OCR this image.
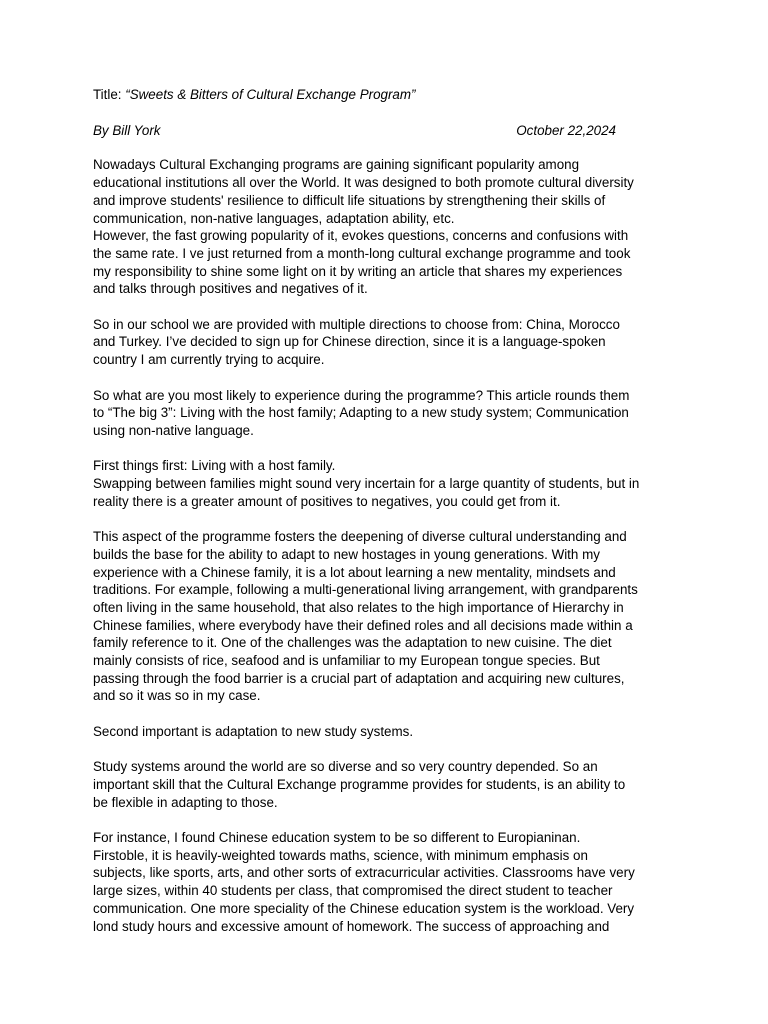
Title: “Sweets & Bitters of Cultural Exchange Program”

By Bill York	October 22,2024

Nowadays Cultural Exchanging programs are gaining significant popularity among
educational institutions all over the World. It was designed to both promote cultural diversity
and improve students' resilience to difficult life situations by strengthening their skills of
communication, non-native languages, adaptation ability, etc.
However, the fast growing popularity of it, evokes questions, concerns and confusions with
the same rate. I ve just returned from a month-long cultural exchange programme and took
my responsibility to shine some light on it by writing an article that shares my experiences
and talks through positives and negatives of it.

So in our school we are provided with multiple directions to choose from: China, Morocco
and Turkey. I’ve decided to sign up for Chinese direction, since it is a language-spoken
country I am currently trying to acquire.

So what are you most likely to experience during the programme? This article rounds them
to “The big 3”: Living with the host family; Adapting to a new study system; Communication
using non-native language.

First things first: Living with a host family.
Swapping between families might sound very incertain for a large quantity of students, but in
reality there is a greater amount of positives to negatives, you could get from it.

This aspect of the programme fosters the deepening of diverse cultural understanding and
builds the base for the ability to adapt to new hostages in young generations. With my
experience with a Chinese family, it is a lot about learning a new mentality, mindsets and
traditions. For example, following a multi-generational living arrangement, with grandparents
often living in the same household, that also relates to the high importance of Hierarchy in
Chinese families, where everybody have their defined roles and all decisions made within a
family reference to it. One of the challenges was the adaptation to new cuisine. The diet
mainly consists of rice, seafood and is unfamiliar to my European tongue species. But
passing through the food barrier is a crucial part of adaptation and acquiring new cultures,
and so it was so in my case.

Second important is adaptation to new study systems.

Study systems around the world are so diverse and so very country depended. So an
important skill that the Cultural Exchange programme provides for students, is an ability to
be flexible in adapting to those.

For instance, I found Chinese education system to be so different to Europianinan.
Firstoble, it is heavily-weighted towards maths, science, with minimum emphasis on
subjects, like sports, arts, and other sorts of extracurricular activities. Classrooms have very
large sizes, within 40 students per class, that compromised the direct student to teacher
communication. One more speciality of the Chinese education system is the workload. Very
lond study hours and excessive amount of homework. The success of approaching and
